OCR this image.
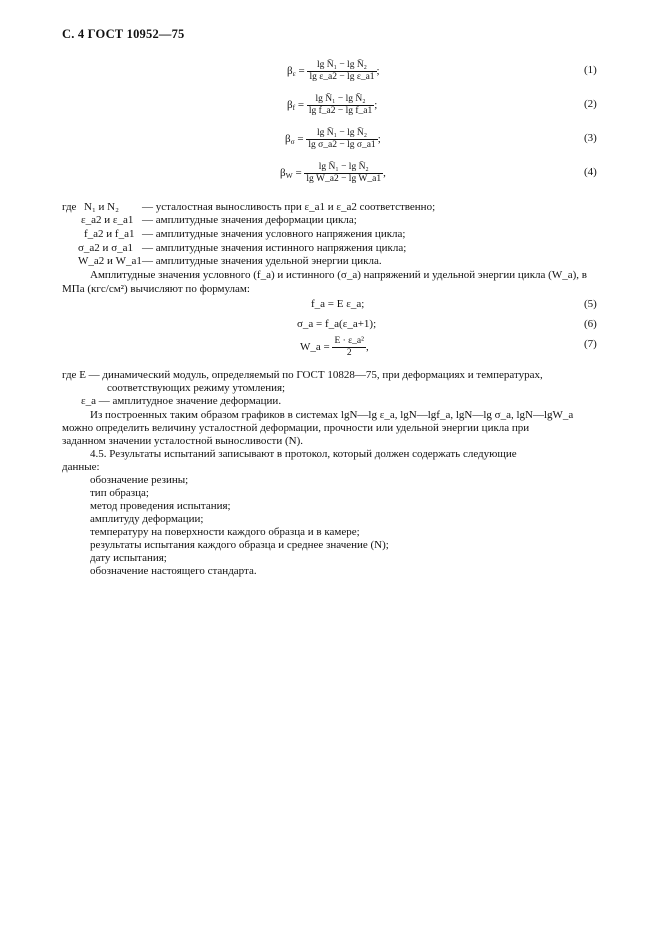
С. 4 ГОСТ 10952—75
$\beta_\varepsilon = \frac{\text{lg N̄₁ − lg N̄₂}}{\text{lg ε\_a2 − lg ε\_a1}}$ ;	(1)
$\beta_f = \frac{\text{lg N̄₁ − lg N̄₂}}{\text{lg f\_a2 − lg f\_a1}}$ ;	(2)
$\beta_\sigma = \frac{\text{lg N̄₁ − lg N̄₂}}{\text{lg σ\_a2 − lg σ\_a1}}$ ;	(3)
$\beta_W = \frac{\text{lg N̄₁ − lg N̄₂}}{\text{lg W\_a2 − lg W\_a1}}$ ,	(4)
где N₁ и N₂ — усталостная выносливость при ε_a1 и ε_a2 соответственно;
ε_a2 и ε_a1 — амплитудные значения деформации цикла;
f_a2 и f_a1 — амплитудные значения условного напряжения цикла;
σ_a2 и σ_a1 — амплитудные значения истинного напряжения цикла;
W_a2 и W_a1 — амплитудные значения удельной энергии цикла.
Амплитудные значения условного (f_a) и истинного (σ_a) напряжений и удельной энергии цикла (W_a), в МПа (кгс/см²) вычисляют по формулам:
f_a = E ε_a;	(5)
σ_a = f_a(ε_a+1);	(6)
W_a = $\frac{\text{E · ε\_a²}}{2}$ ,	(7)
где E — динамический модуль, определяемый по ГОСТ 10828—75, при деформациях и температурах,
соответствующих режиму утомления;
ε_a — амплитудное значение деформации.
Из построенных таким образом графиков в системах lgN—lg ε_a, lgN—lgf_a, lgN—lg σ_a, lgN—lgW_a
можно определить величину усталостной деформации, прочности или удельной энергии цикла при
заданном значении усталостной выносливости (N).
4.5. Результаты испытаний записывают в протокол, который должен содержать следующие
данные:
обозначение резины;
тип образца;
метод проведения испытания;
амплитуду деформации;
температуру на поверхности каждого образца и в камере;
результаты испытания каждого образца и среднее значение (N);
дату испытания;
обозначение настоящего стандарта.
